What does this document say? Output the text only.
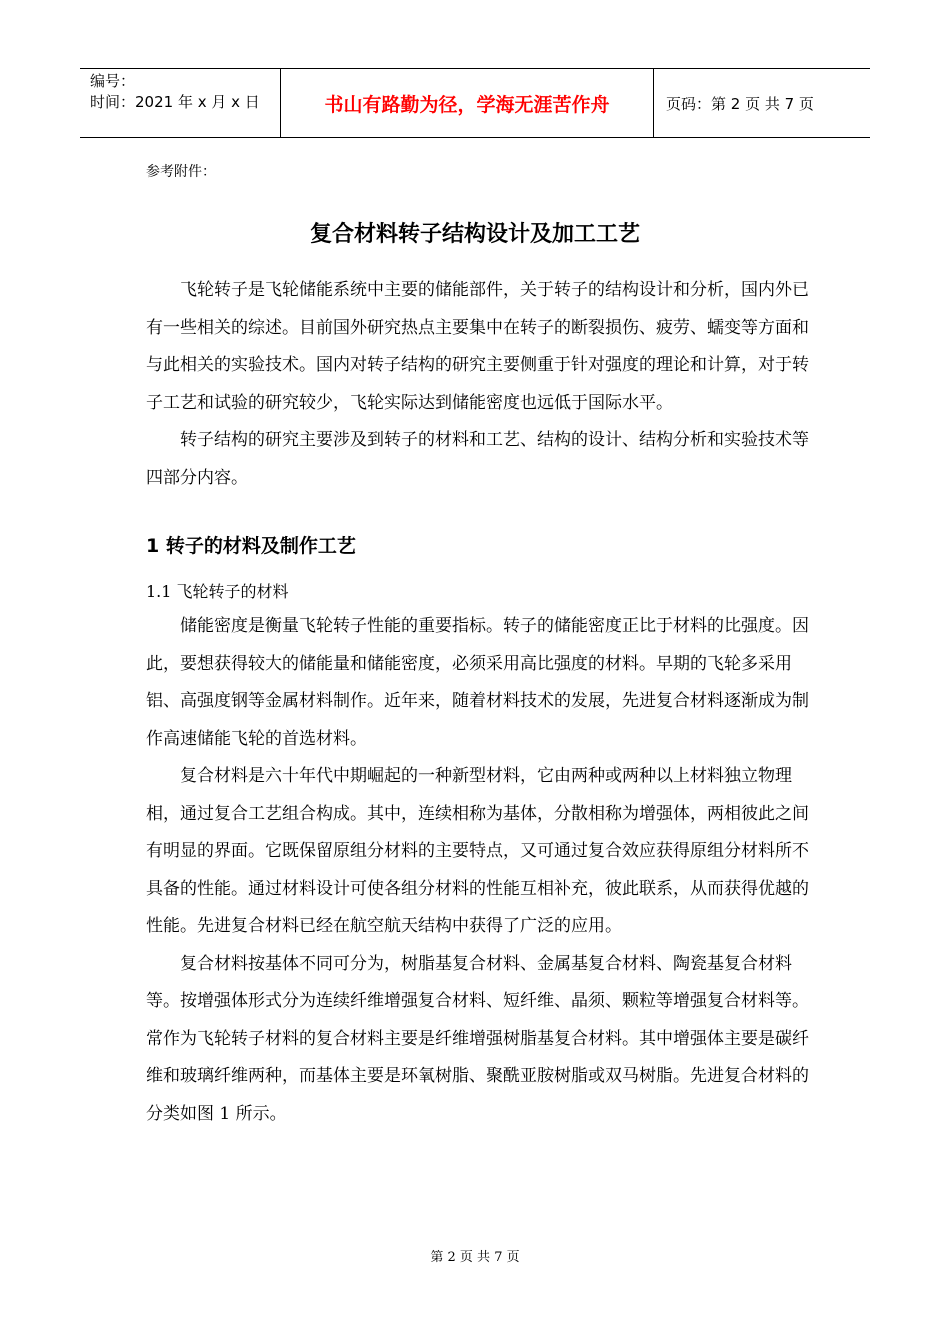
编号：
时间：2021 年 x 月 x 日	书山有路勤为径，学海无涯苦作舟	页码：第 2 页 共 7 页
参考附件：
复合材料转子结构设计及加工工艺

飞轮转子是飞轮储能系统中主要的储能部件，关于转子的结构设计和分析，国内外已有一些相关的综述。目前国外研究热点主要集中在转子的断裂损伤、疲劳、蠕变等方面和与此相关的实验技术。国内对转子结构的研究主要侧重于针对强度的理论和计算，对于转子工艺和试验的研究较少，飞轮实际达到储能密度也远低于国际水平。

转子结构的研究主要涉及到转子的材料和工艺、结构的设计、结构分析和实验技术等四部分内容。

1 转子的材料及制作工艺
1.1 飞轮转子的材料

储能密度是衡量飞轮转子性能的重要指标。转子的储能密度正比于材料的比强度。因此，要想获得较大的储能量和储能密度，必须采用高比强度的材料。早期的飞轮多采用铝、高强度钢等金属材料制作。近年来，随着材料技术的发展，先进复合材料逐渐成为制作高速储能飞轮的首选材料。

复合材料是六十年代中期崛起的一种新型材料，它由两种或两种以上材料独立物理相，通过复合工艺组合构成。其中，连续相称为基体，分散相称为增强体，两相彼此之间有明显的界面。它既保留原组分材料的主要特点，又可通过复合效应获得原组分材料所不具备的性能。通过材料设计可使各组分材料的性能互相补充，彼此联系，从而获得优越的性能。先进复合材料已经在航空航天结构中获得了广泛的应用。

复合材料按基体不同可分为，树脂基复合材料、金属基复合材料、陶瓷基复合材料等。按增强体形式分为连续纤维增强复合材料、短纤维、晶须、颗粒等增强复合材料等。常作为飞轮转子材料的复合材料主要是纤维增强树脂基复合材料。其中增强体主要是碳纤维和玻璃纤维两种，而基体主要是环氧树脂、聚酰亚胺树脂或双马树脂。先进复合材料的分类如图 1 所示。

第 2 页 共 7 页
